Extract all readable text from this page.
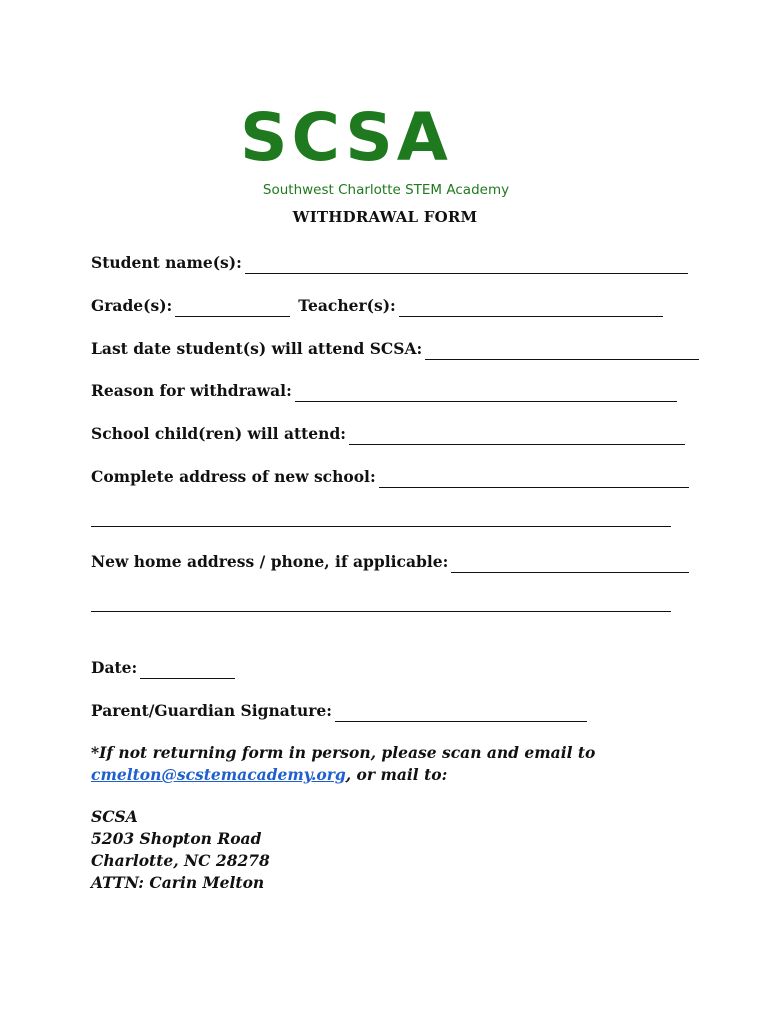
SCSA
Southwest Charlotte STEM Academy
WITHDRAWAL FORM
Student name(s):
Grade(s):	Teacher(s):
Last date student(s) will attend SCSA:
Reason for withdrawal:
School child(ren) will attend:
Complete address of new school:
New home address / phone, if applicable:
Date:
Parent/Guardian Signature:
*If not returning form in person, please scan and email to
cmelton@scstemacademy.org, or mail to:
SCSA
5203 Shopton Road
Charlotte, NC 28278
ATTN: Carin Melton
